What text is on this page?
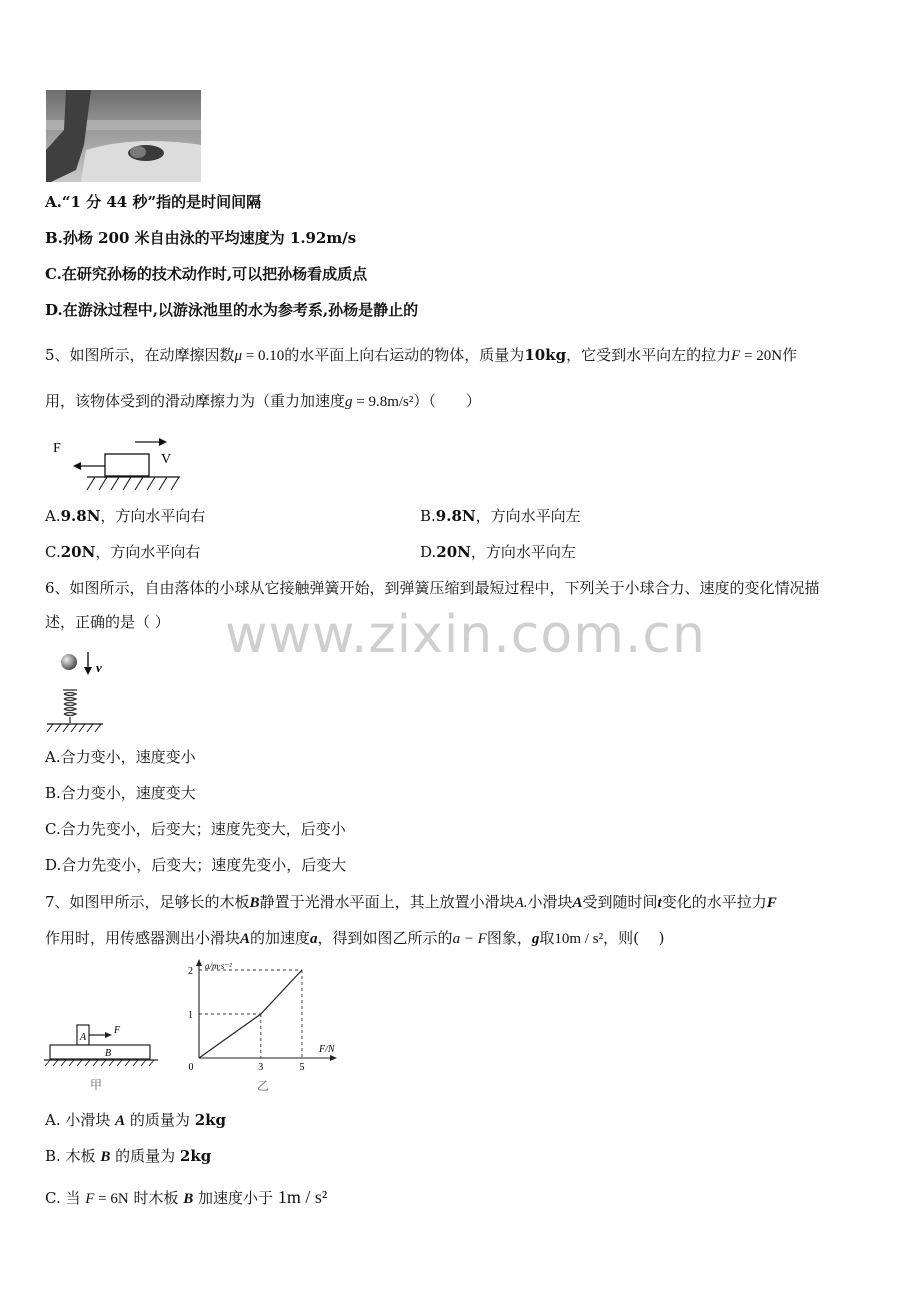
A.“1 分 44 秒”指的是时间间隔
B.孙杨 200 米自由泳的平均速度为 1.92m/s
C.在研究孙杨的技术动作时,可以把孙杨看成质点
D.在游泳过程中,以游泳池里的水为参考系,孙杨是静止的
5、如图所示，在动摩擦因数μ = 0.10的水平面上向右运动的物体，质量为10kg，它受到水平向左的拉力F = 20N作
用，该物体受到的滑动摩擦力为（重力加速度g = 9.8m/s²）（　　）
F
V
A.9.8N，方向水平向右	B.9.8N，方向水平向左
C.20N，方向水平向右	D.20N，方向水平向左
6、如图所示，自由落体的小球从它接触弹簧开始，到弹簧压缩到最短过程中，下列关于小球合力、速度的变化情况描
述，正确的是（ ） www.zixin.com.cn
v
A.合力变小，速度变小
B.合力变小，速度变大
C.合力先变小，后变大；速度先变大，后变小
D.合力先变小，后变大；速度先变小，后变大
7、如图甲所示，足够长的木板B静置于光滑水平面上，其上放置小滑块A.小滑块A受到随时间t变化的水平拉力F
作用时，用传感器测出小滑块A的加速度a，得到如图乙所示的a − F图象，g取10m / s²，则(　 )
A
F
B
甲
a/m·s⁻²
F/N
0	3	5
1
2
乙
A. 小滑块 A 的质量为 2kg
B. 木板 B 的质量为 2kg
C. 当 F = 6N 时木板 B 加速度小于 1m / s²
